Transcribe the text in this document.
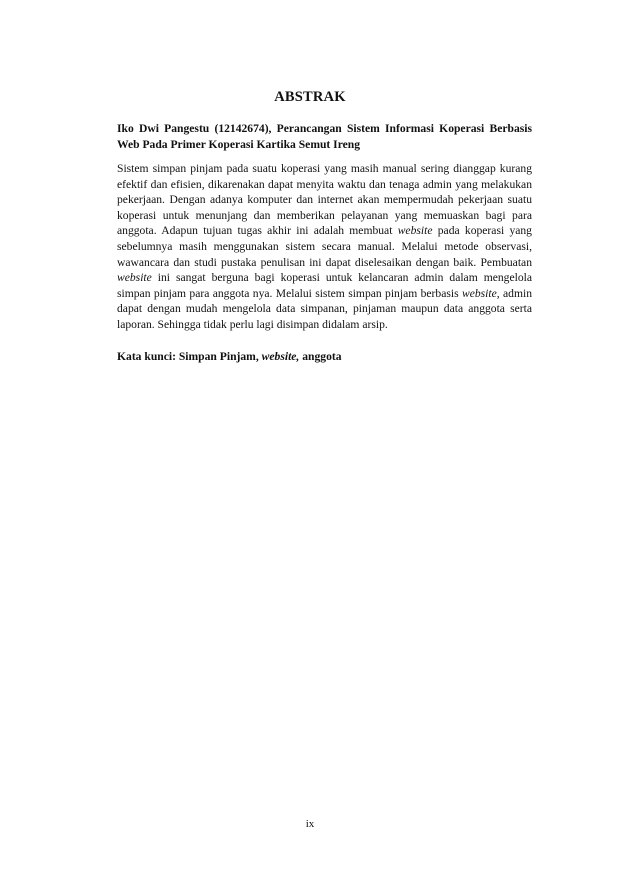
ABSTRAK
Iko Dwi Pangestu (12142674), Perancangan Sistem Informasi Koperasi Berbasis Web Pada Primer Koperasi Kartika Semut Ireng
Sistem simpan pinjam pada suatu koperasi yang masih manual sering dianggap kurang efektif dan efisien, dikarenakan dapat menyita waktu dan tenaga admin yang melakukan pekerjaan. Dengan adanya komputer dan internet akan mempermudah pekerjaan suatu koperasi untuk menunjang dan memberikan pelayanan yang memuaskan bagi para anggota. Adapun tujuan tugas akhir ini adalah membuat website pada koperasi yang sebelumnya masih menggunakan sistem secara manual. Melalui metode observasi, wawancara dan studi pustaka penulisan ini dapat diselesaikan dengan baik. Pembuatan website ini sangat berguna bagi koperasi untuk kelancaran admin dalam mengelola simpan pinjam para anggota nya. Melalui sistem simpan pinjam berbasis website, admin dapat dengan mudah mengelola data simpanan, pinjaman maupun data anggota serta laporan. Sehingga tidak perlu lagi disimpan didalam arsip.
Kata kunci: Simpan Pinjam, website, anggota
ix
